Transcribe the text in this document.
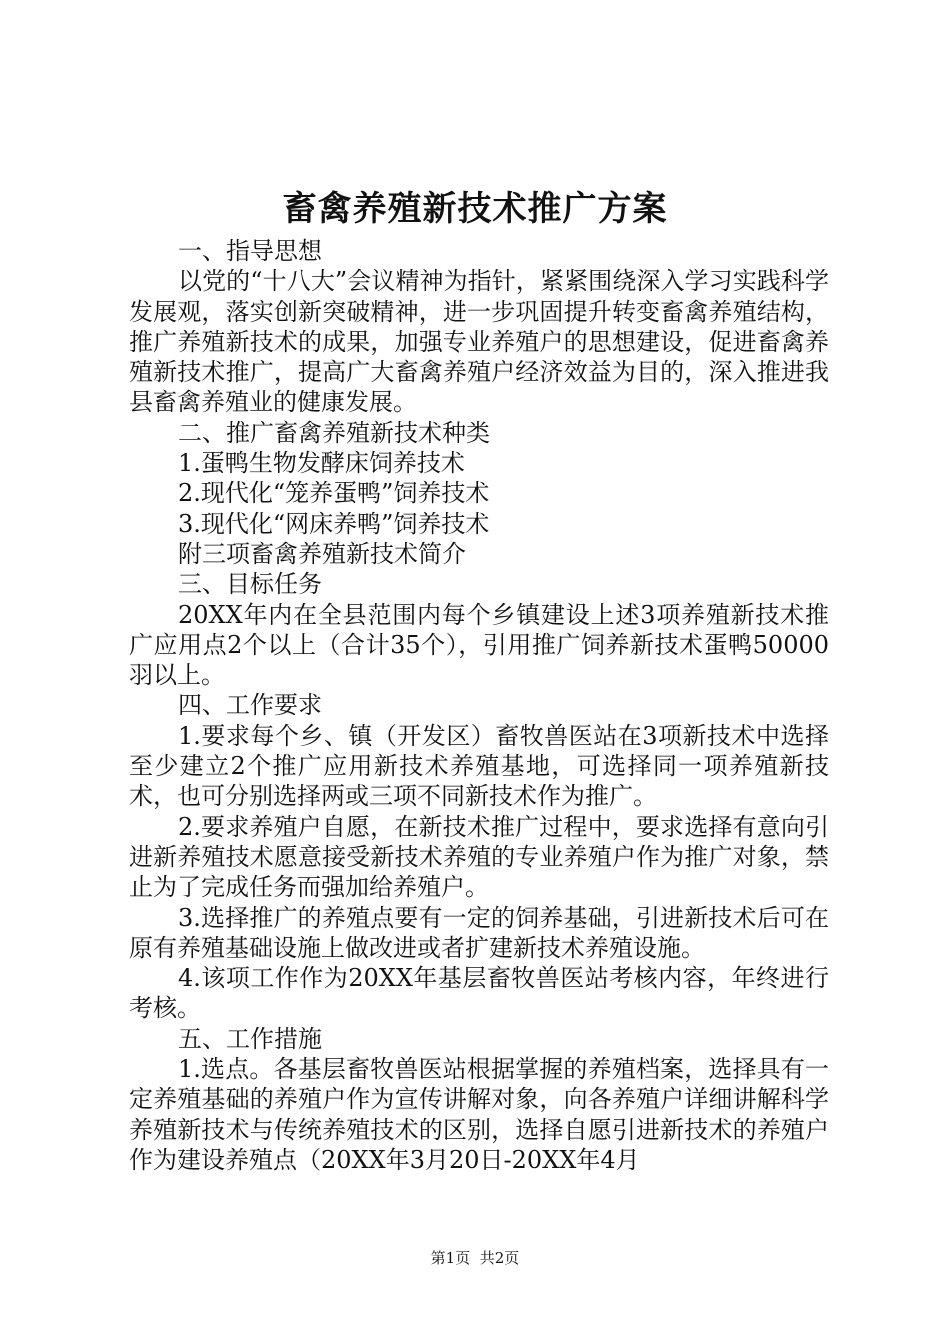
畜禽养殖新技术推广方案

一、指导思想

以党的“十八大”会议精神为指针，紧紧围绕深入学习实践科学发展观，落实创新突破精神，进一步巩固提升转变畜禽养殖结构，推广养殖新技术的成果，加强专业养殖户的思想建设，促进畜禽养殖新技术推广，提高广大畜禽养殖户经济效益为目的，深入推进我县畜禽养殖业的健康发展。

二、推广畜禽养殖新技术种类

1.蛋鸭生物发酵床饲养技术

2.现代化“笼养蛋鸭”饲养技术

3.现代化“网床养鸭”饲养技术

附三项畜禽养殖新技术简介

三、目标任务

20XX年内在全县范围内每个乡镇建设上述3项养殖新技术推广应用点2个以上（合计35个），引用推广饲养新技术蛋鸭50000羽以上。

四、工作要求

1.要求每个乡、镇（开发区）畜牧兽医站在3项新技术中选择至少建立2个推广应用新技术养殖基地，可选择同一项养殖新技术，也可分别选择两或三项不同新技术作为推广。

2.要求养殖户自愿，在新技术推广过程中，要求选择有意向引进新养殖技术愿意接受新技术养殖的专业养殖户作为推广对象，禁止为了完成任务而强加给养殖户。

3.选择推广的养殖点要有一定的饲养基础，引进新技术后可在原有养殖基础设施上做改进或者扩建新技术养殖设施。

4.该项工作作为20XX年基层畜牧兽医站考核内容，年终进行考核。

五、工作措施

1.选点。各基层畜牧兽医站根据掌握的养殖档案，选择具有一定养殖基础的养殖户作为宣传讲解对象，向各养殖户详细讲解科学养殖新技术与传统养殖技术的区别，选择自愿引进新技术的养殖户作为建设养殖点（20XX年3月20日-20XX年4月

第1页 共2页
